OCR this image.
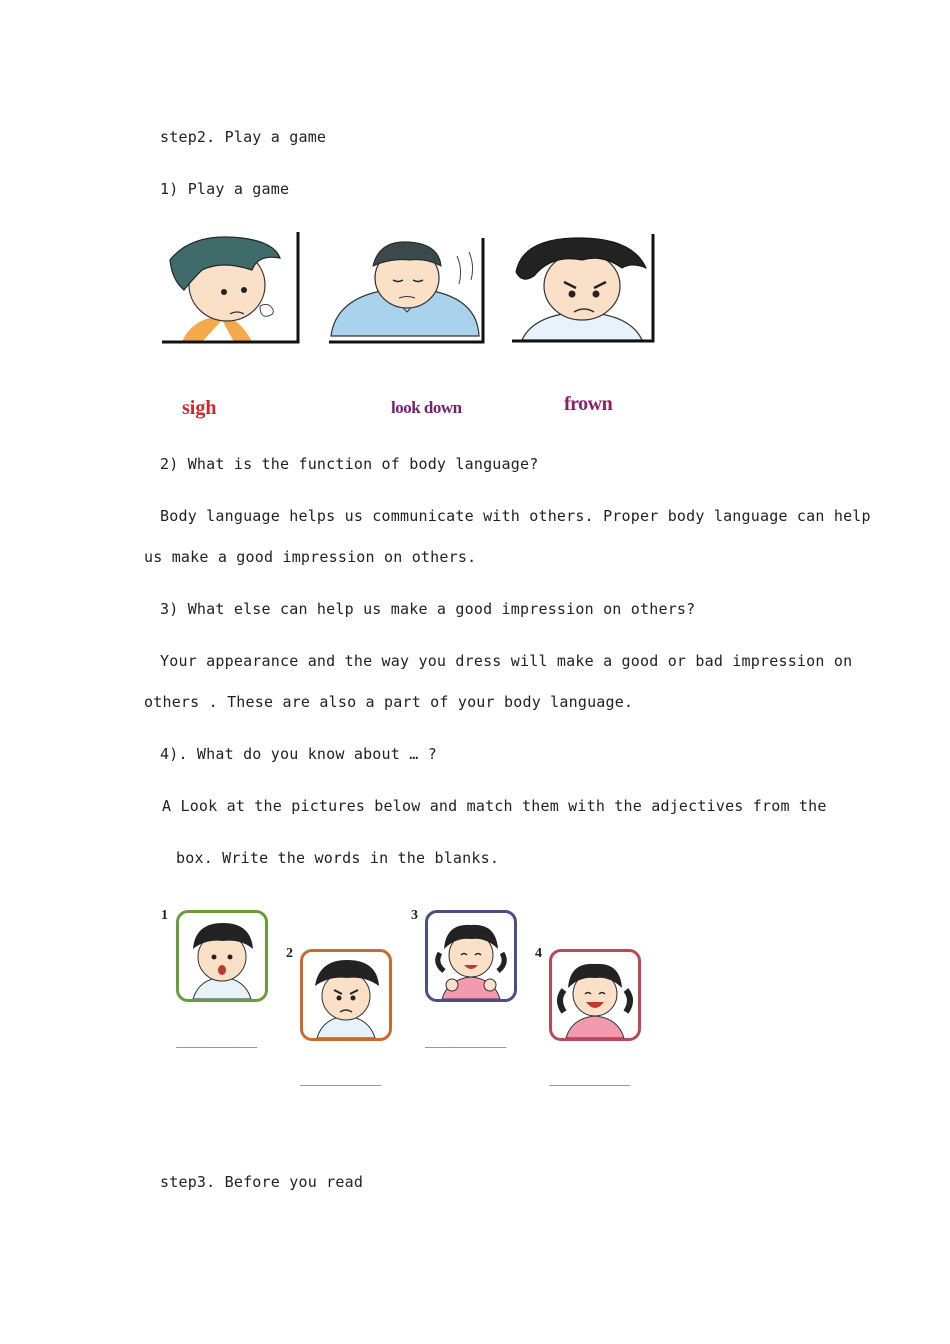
step2. Play a game
1) Play a game
sigh	look down	frown
2) What is the function of body language?
Body language helps us communicate with others. Proper body language can help
us make a good impression on others.
3) What else can help us make a good impression on others?
Your appearance and the way you dress will make a good or bad impression on
others . These are also a part of your body language.
4). What do you know about … ?
A Look at the pictures below and match them with the adjectives from the
box. Write the words in the blanks.
1
2
3
4
__________
__________
__________
__________
step3. Before you read
